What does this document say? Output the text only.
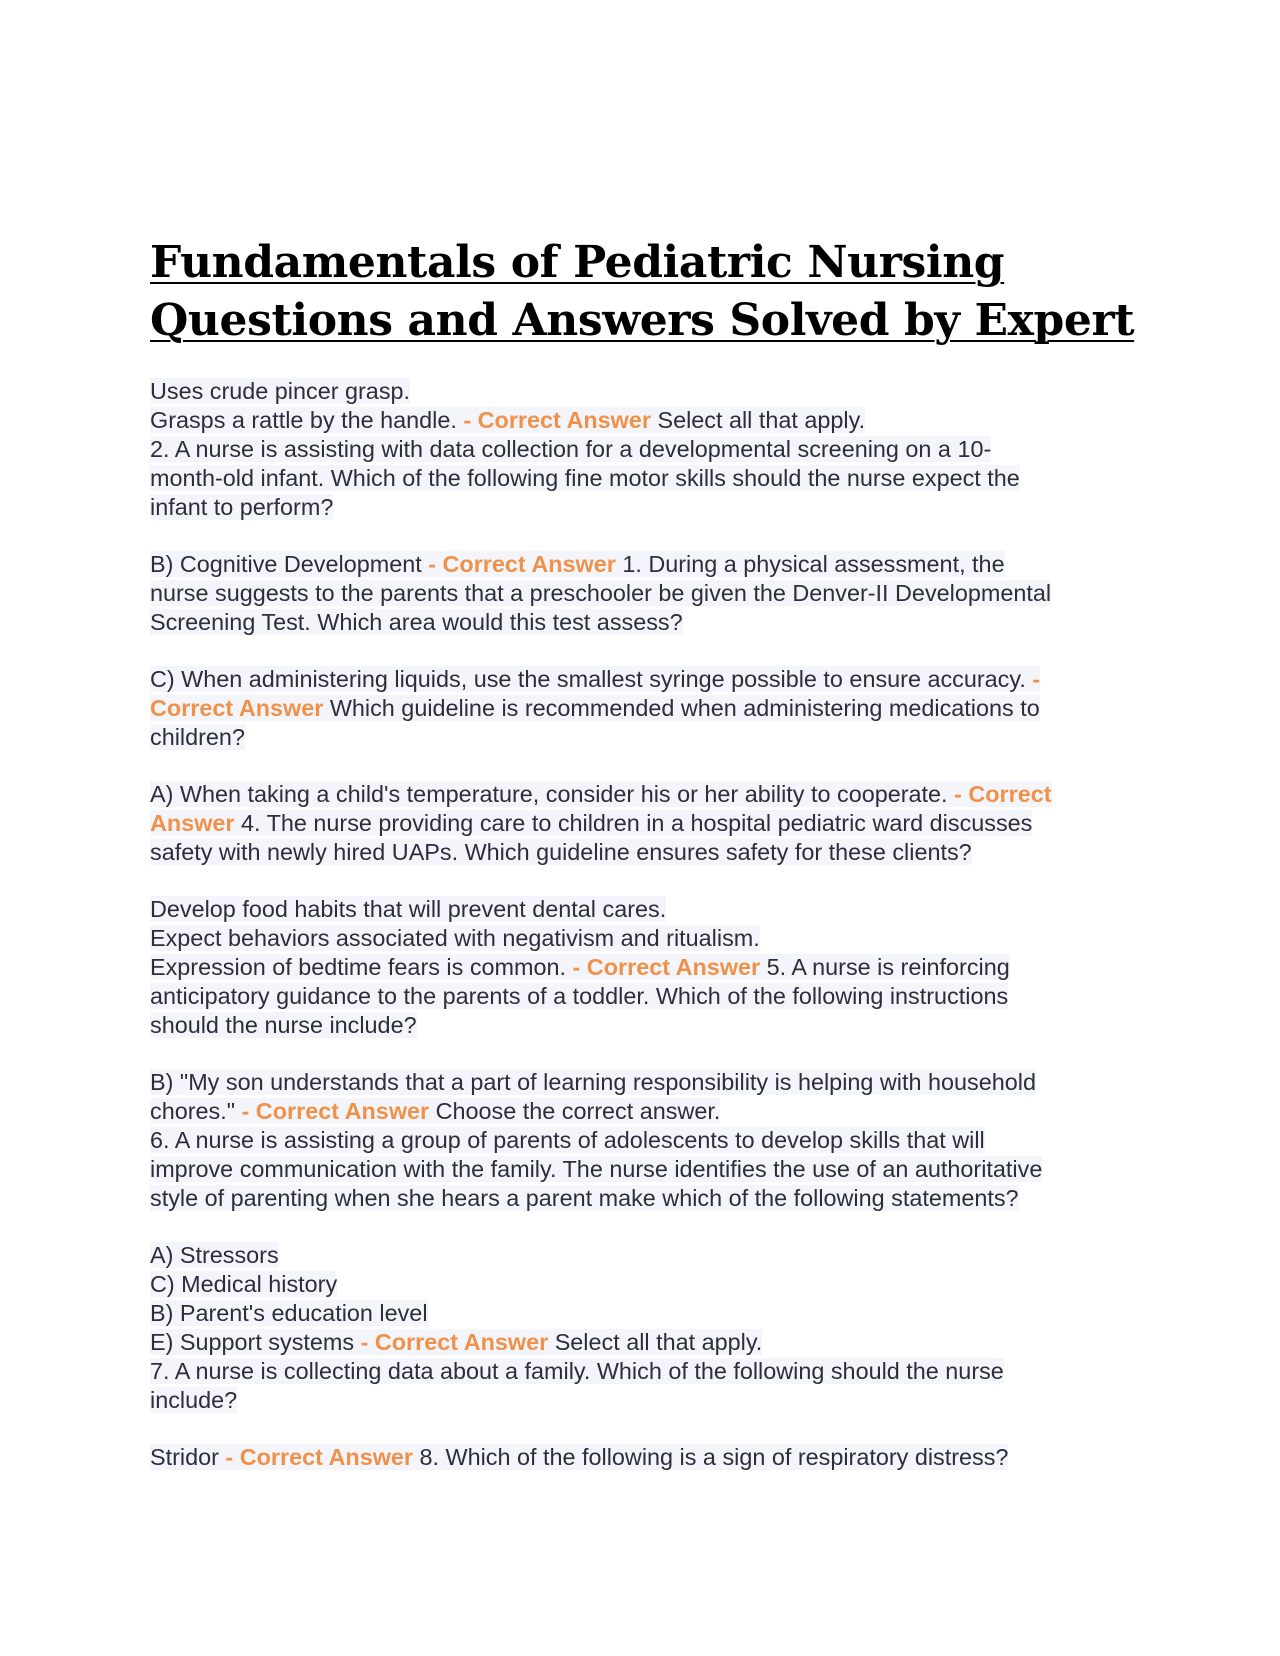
Fundamentals of Pediatric Nursing
Questions and Answers Solved by Expert
Uses crude pincer grasp.
Grasps a rattle by the handle. - Correct Answer Select all that apply.
2. A nurse is assisting with data collection for a developmental screening on a 10-
month-old infant. Which of the following fine motor skills should the nurse expect the
infant to perform?
B) Cognitive Development - Correct Answer 1. During a physical assessment, the
nurse suggests to the parents that a preschooler be given the Denver-II Developmental
Screening Test. Which area would this test assess?
C) When administering liquids, use the smallest syringe possible to ensure accuracy. -
Correct Answer Which guideline is recommended when administering medications to
children?
A) When taking a child's temperature, consider his or her ability to cooperate. - Correct
Answer 4. The nurse providing care to children in a hospital pediatric ward discusses
safety with newly hired UAPs. Which guideline ensures safety for these clients?
Develop food habits that will prevent dental cares.
Expect behaviors associated with negativism and ritualism.
Expression of bedtime fears is common. - Correct Answer 5. A nurse is reinforcing
anticipatory guidance to the parents of a toddler. Which of the following instructions
should the nurse include?
B) "My son understands that a part of learning responsibility is helping with household
chores." - Correct Answer Choose the correct answer.
6. A nurse is assisting a group of parents of adolescents to develop skills that will
improve communication with the family. The nurse identifies the use of an authoritative
style of parenting when she hears a parent make which of the following statements?
A) Stressors
C) Medical history
B) Parent's education level
E) Support systems - Correct Answer Select all that apply.
7. A nurse is collecting data about a family. Which of the following should the nurse
include?
Stridor - Correct Answer 8. Which of the following is a sign of respiratory distress?
